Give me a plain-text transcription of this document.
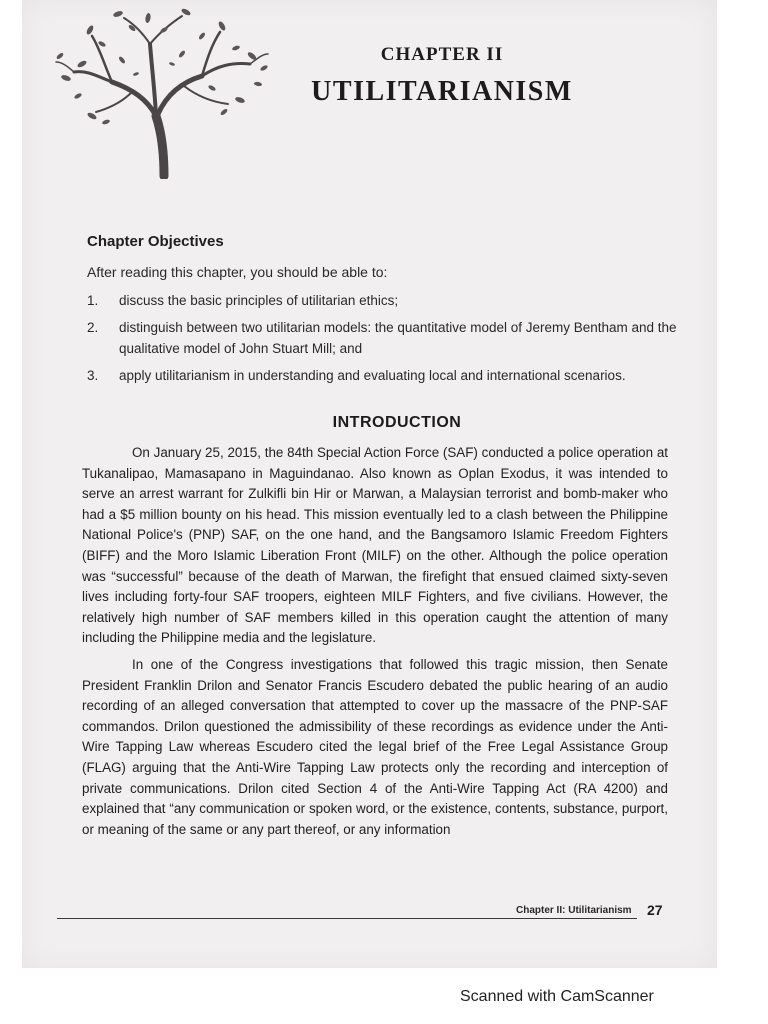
CHAPTER II
UTILITARIANISM
Chapter Objectives
After reading this chapter, you should be able to:
1.	discuss the basic principles of utilitarian ethics;
2.	distinguish between two utilitarian models: the quantitative model of Jeremy Bentham and the qualitative model of John Stuart Mill; and
3.	apply utilitarianism in understanding and evaluating local and international scenarios.
INTRODUCTION

On January 25, 2015, the 84th Special Action Force (SAF) conducted a police operation at Tukanalipao, Mamasapano in Maguindanao. Also known as Oplan Exodus, it was intended to serve an arrest warrant for Zulkifli bin Hir or Marwan, a Malaysian terrorist and bomb-maker who had a $5 million bounty on his head. This mission eventually led to a clash between the Philippine National Police's (PNP) SAF, on the one hand, and the Bangsamoro Islamic Freedom Fighters (BIFF) and the Moro Islamic Liberation Front (MILF) on the other. Although the police operation was “successful” because of the death of Marwan, the firefight that ensued claimed sixty-seven lives including forty-four SAF troopers, eighteen MILF Fighters, and five civilians. However, the relatively high number of SAF members killed in this operation caught the attention of many including the Philippine media and the legislature.

In one of the Congress investigations that followed this tragic mission, then Senate President Franklin Drilon and Senator Francis Escudero debated the public hearing of an audio recording of an alleged conversation that attempted to cover up the massacre of the PNP-SAF commandos. Drilon questioned the admissibility of these recordings as evidence under the Anti-Wire Tapping Law whereas Escudero cited the legal brief of the Free Legal Assistance Group (FLAG) arguing that the Anti-Wire Tapping Law protects only the recording and interception of private communications. Drilon cited Section 4 of the Anti-Wire Tapping Act (RA 4200) and explained that “any communication or spoken word, or the existence, contents, substance, purport, or meaning of the same or any part thereof, or any information

Chapter II: Utilitarianism 27
Scanned with CamScanner
